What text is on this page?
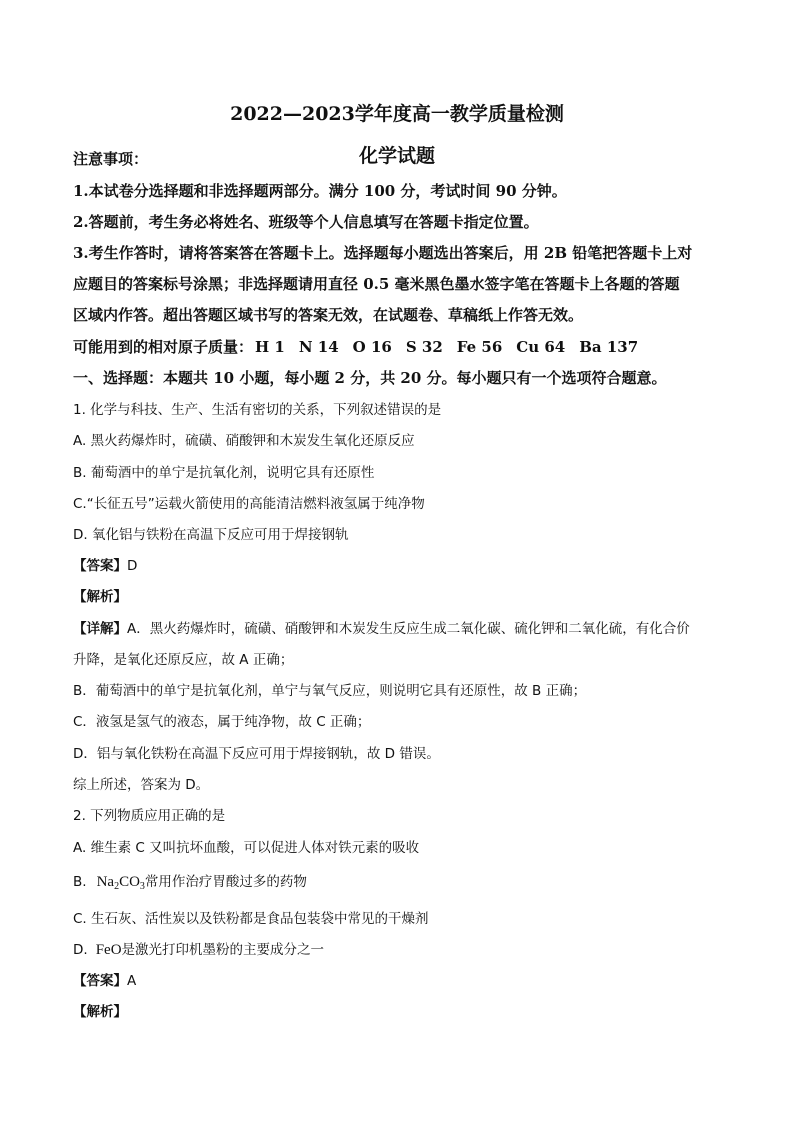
2022—2023学年度高一教学质量检测
化学试题
注意事项：
1.本试卷分选择题和非选择题两部分。满分 100 分，考试时间 90 分钟。
2.答题前，考生务必将姓名、班级等个人信息填写在答题卡指定位置。
3.考生作答时，请将答案答在答题卡上。选择题每小题选出答案后，用 2B 铅笔把答题卡上对
应题目的答案标号涂黑；非选择题请用直径 0.5 毫米黑色墨水签字笔在答题卡上各题的答题
区域内作答。超出答题区域书写的答案无效，在试题卷、草稿纸上作答无效。
可能用到的相对原子质量： H 1 N 14 O 16 S 32 Fe 56 Cu 64 Ba 137
一、选择题：本题共 10 小题，每小题 2 分，共 20 分。每小题只有一个选项符合题意。
1. 化学与科技、生产、生活有密切的关系，下列叙述错误的是
A. 黑火药爆炸时，硫磺、硝酸钾和木炭发生氧化还原反应
B. 葡萄酒中的单宁是抗氧化剂，说明它具有还原性
C.“长征五号”运载火箭使用的高能清洁燃料液氢属于纯净物
D. 氧化铝与铁粉在高温下反应可用于焊接钢轨
【答案】D
【解析】
【详解】A．黑火药爆炸时，硫磺、硝酸钾和木炭发生反应生成二氧化碳、硫化钾和二氧化硫，有化合价
升降，是氧化还原反应，故 A 正确；
B．葡萄酒中的单宁是抗氧化剂，单宁与氧气反应，则说明它具有还原性，故 B 正确；
C．液氢是氢气的液态，属于纯净物，故 C 正确；
D．铝与氧化铁粉在高温下反应可用于焊接钢轨，故 D 错误。
综上所述，答案为 D。
2. 下列物质应用正确的是
A. 维生素 C 又叫抗坏血酸，可以促进人体对铁元素的吸收
B. $Na_2CO_3$常用作治疗胃酸过多的药物
C. 生石灰、活性炭以及铁粉都是食品包装袋中常见的干燥剂
D. FeO是激光打印机墨粉的主要成分之一
【答案】A
【解析】
